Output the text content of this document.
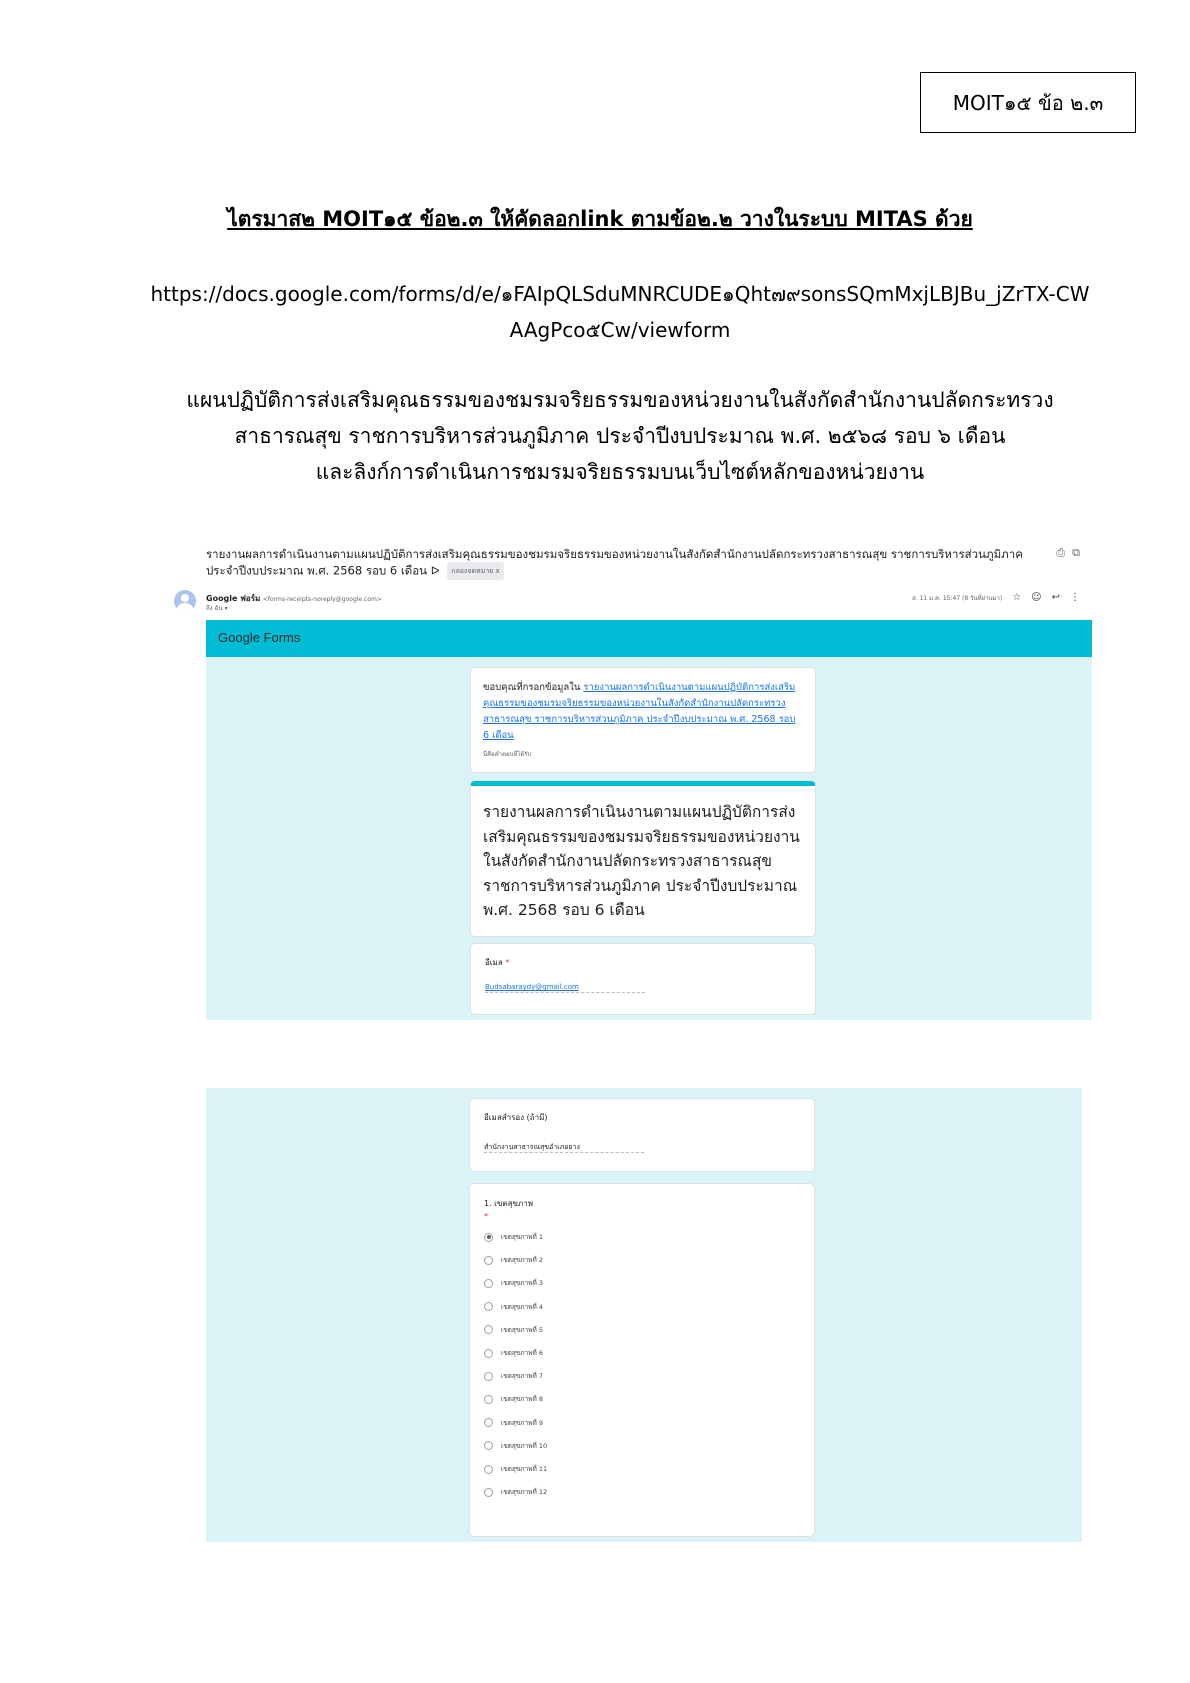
MOIT๑๕ ข้อ ๒.๓
ไตรมาส๒ MOIT๑๕ ข้อ๒.๓ ให้คัดลอกlink ตามข้อ๒.๒ วางในระบบ MITAS ด้วย
https://docs.google.com/forms/d/e/๑FAIpQLSduMNRCUDE๑Qht๗๙sonsSQmMxjLBJBu_jZrTX-CWAAgPco๕Cw/viewform
แผนปฏิบัติการส่งเสริมคุณธรรมของชมรมจริยธรรมของหน่วยงานในสังกัดสำนักงานปลัดกระทรวง
สาธารณสุข ราชการบริหารส่วนภูมิภาค ประจำปีงบประมาณ พ.ศ. ๒๕๖๘ รอบ ๖ เดือน
และลิงก์การดำเนินการชมรมจริยธรรมบนเว็บไซต์หลักของหน่วยงาน
รายงานผลการดำเนินงานตามแผนปฏิบัติการส่งเสริมคุณธรรมของชมรมจริยธรรมของหน่วยงานในสังกัดสำนักงานปลัดกระทรวงสาธารณสุข ราชการบริหารส่วนภูมิภาค ประจำปีงบประมาณ พ.ศ. 2568 รอบ 6 เดือน ᐅ กล่องจดหมาย x
⎙ ⧉
Google ฟอร์ม <forms-receipts-noreply@google.com>
ถึง ฉัน ▾
ส. 11 ม.ค. 15:47 (8 วันที่ผ่านมา) ☆ ☺ ↩ ⋮
Google Forms
ขอบคุณที่กรอกข้อมูลใน รายงานผลการดำเนินงานตามแผนปฏิบัติการส่งเสริมคุณธรรมของชมรมจริยธรรมของหน่วยงานในสังกัดสำนักงานปลัดกระทรวงสาธารณสุข ราชการบริหารส่วนภูมิภาค ประจำปีงบประมาณ พ.ศ. 2568 รอบ 6 เดือน
นี่คือคำตอบที่ได้รับ
รายงานผลการดำเนินงานตามแผนปฏิบัติการส่งเสริมคุณธรรมของชมรมจริยธรรมของหน่วยงานในสังกัดสำนักงานปลัดกระทรวงสาธารณสุข ราชการบริหารส่วนภูมิภาค ประจำปีงบประมาณ พ.ศ. 2568 รอบ 6 เดือน
อีเมล *
Budsabaraydy@gmail.com
อีเมลสำรอง (ถ้ามี)
สำนักงานสาธารณสุขอำเภอยาง
1. เขตสุขภาพ
*
เขตสุขภาพที่ 1
เขตสุขภาพที่ 2
เขตสุขภาพที่ 3
เขตสุขภาพที่ 4
เขตสุขภาพที่ 5
เขตสุขภาพที่ 6
เขตสุขภาพที่ 7
เขตสุขภาพที่ 8
เขตสุขภาพที่ 9
เขตสุขภาพที่ 10
เขตสุขภาพที่ 11
เขตสุขภาพที่ 12
